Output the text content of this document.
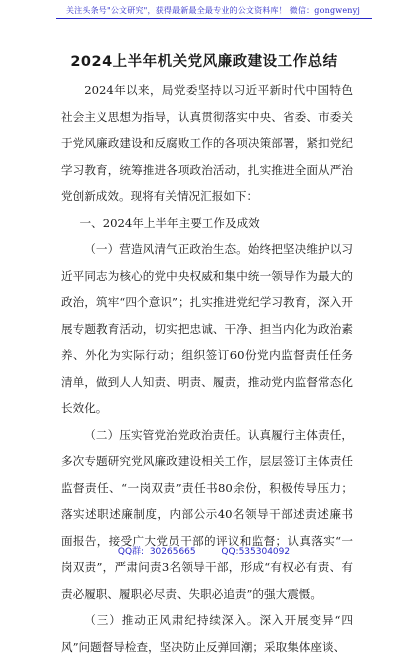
关注头条号"公文研究"，获得最新最全最专业的公文资料库！ 微信：gongwenyj
2024上半年机关党风廉政建设工作总结

2024年以来，局党委坚持以习近平新时代中国特色社会主义思想为指导，认真贯彻落实中央、省委、市委关于党风廉政建设和反腐败工作的各项决策部署，紧扣党纪学习教育，统筹推进各项政治活动，扎实推进全面从严治党创新成效。现将有关情况汇报如下：

一、2024年上半年主要工作及成效

（一）营造风清气正政治生态。始终把坚决维护以习近平同志为核心的党中央权威和集中统一领导作为最大的政治，筑牢“四个意识”；扎实推进党纪学习教育，深入开展专题教育活动，切实把忠诚、干净、担当内化为政治素养、外化为实际行动；组织签订60份党内监督责任任务清单，做到人人知责、明责、履责，推动党内监督常态化长效化。

（二）压实管党治党政治责任。认真履行主体责任，多次专题研究党风廉政建设相关工作，层层签订主体责任监督责任、“一岗双责”责任书80余份，积极传导压力；落实述职述廉制度，内部公示40名领导干部述责述廉书面报告，接受广大党员干部的评议和监督；认真落实“一岗双责”，严肃问责3名领导干部，形成“有权必有责、有责必履职、履职必尽责、失职必追责”的强大震慑。

（三）推动正风肃纪持续深入。深入开展变异“四风”问题督导检查，坚决防止反弹回潮；采取集体座谈、

QQ群:  30265665         QQ:535304092
